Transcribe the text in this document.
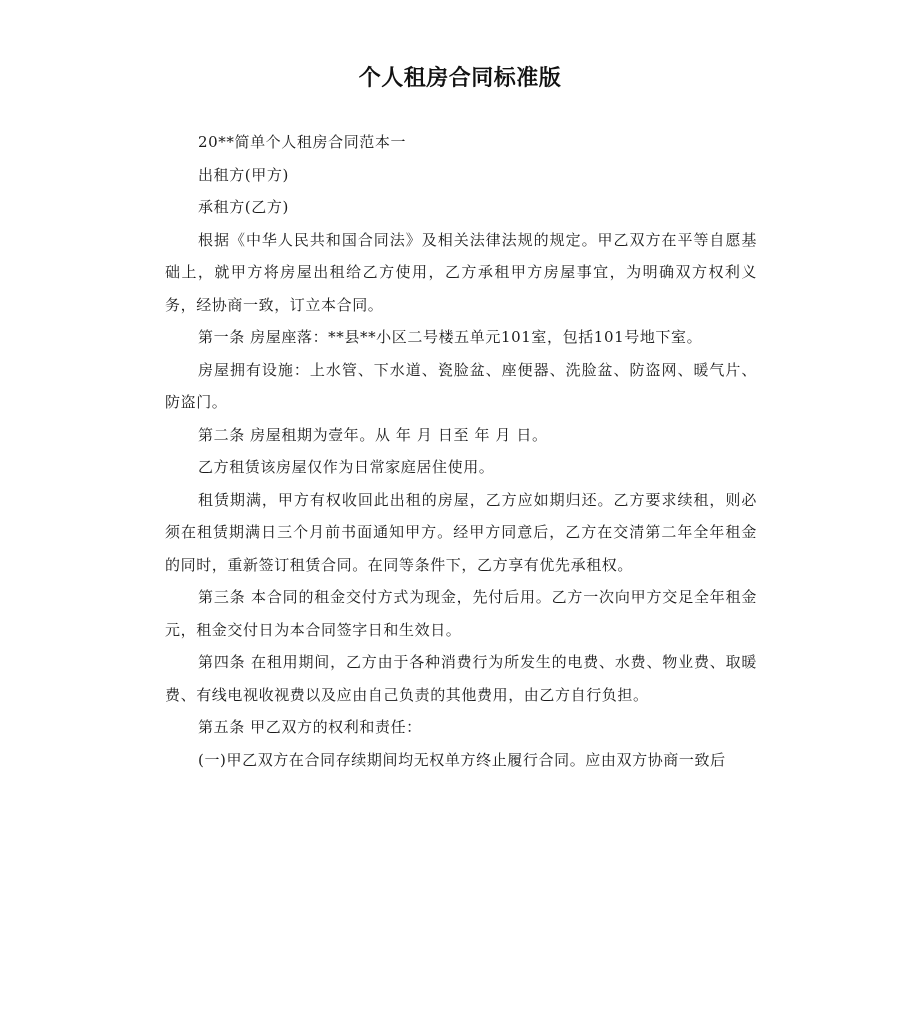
个人租房合同标准版

20**简单个人租房合同范本一

出租方(甲方)

承租方(乙方)

根据《中华人民共和国合同法》及相关法律法规的规定。甲乙双方在平等自愿基础上，就甲方将房屋出租给乙方使用，乙方承租甲方房屋事宜，为明确双方权利义务，经协商一致，订立本合同。

第一条 房屋座落：**县**小区二号楼五单元101室，包括101号地下室。

房屋拥有设施：上水管、下水道、瓷脸盆、座便器、洗脸盆、防盗网、暖气片、防盗门。

第二条 房屋租期为壹年。从 年 月 日至 年 月 日。

乙方租赁该房屋仅作为日常家庭居住使用。

租赁期满，甲方有权收回此出租的房屋，乙方应如期归还。乙方要求续租，则必须在租赁期满日三个月前书面通知甲方。经甲方同意后，乙方在交清第二年全年租金的同时，重新签订租赁合同。在同等条件下，乙方享有优先承租权。

第三条 本合同的租金交付方式为现金，先付后用。乙方一次向甲方交足全年租金 元，租金交付日为本合同签字日和生效日。

第四条 在租用期间，乙方由于各种消费行为所发生的电费、水费、物业费、取暖费、有线电视收视费以及应由自己负责的其他费用，由乙方自行负担。

第五条 甲乙双方的权利和责任：

(一)甲乙双方在合同存续期间均无权单方终止履行合同。应由双方协商一致后
